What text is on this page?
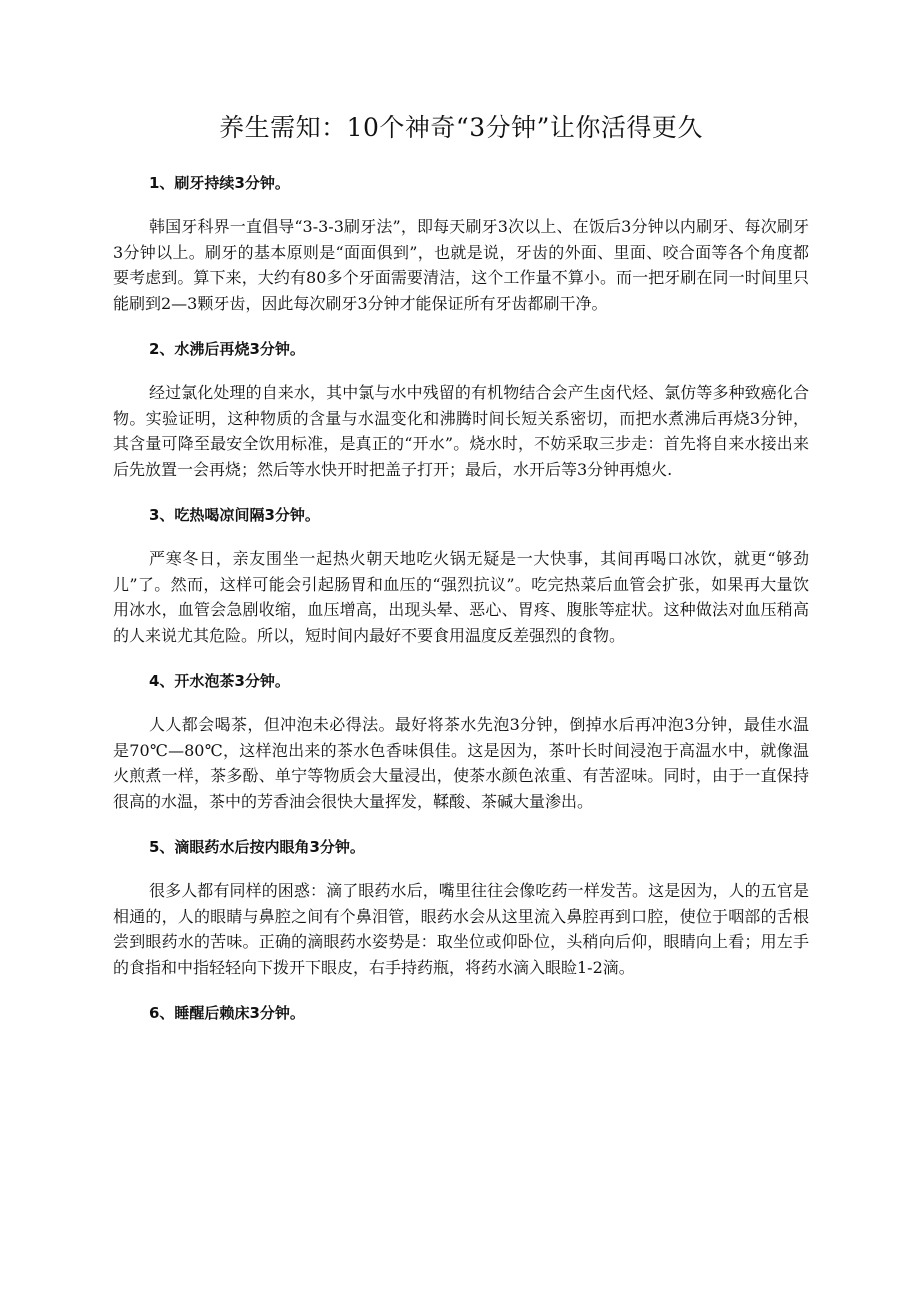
养生需知：10个神奇“3分钟”让你活得更久
1、刷牙持续3分钟。

韩国牙科界一直倡导“3-3-3刷牙法”，即每天刷牙3次以上、在饭后3分钟以内刷牙、每次刷牙3分钟以上。刷牙的基本原则是“面面俱到”，也就是说，牙齿的外面、里面、咬合面等各个角度都要考虑到。算下来，大约有80多个牙面需要清洁，这个工作量不算小。而一把牙刷在同一时间里只能刷到2—3颗牙齿，因此每次刷牙3分钟才能保证所有牙齿都刷干净。

2、水沸后再烧3分钟。

经过氯化处理的自来水，其中氯与水中残留的有机物结合会产生卤代烃、氯仿等多种致癌化合物。实验证明，这种物质的含量与水温变化和沸腾时间长短关系密切，而把水煮沸后再烧3分钟，其含量可降至最安全饮用标准，是真正的“开水”。烧水时，不妨采取三步走：首先将自来水接出来后先放置一会再烧；然后等水快开时把盖子打开；最后，水开后等3分钟再熄火.

3、吃热喝凉间隔3分钟。

严寒冬日，亲友围坐一起热火朝天地吃火锅无疑是一大快事，其间再喝口冰饮，就更“够劲儿”了。然而，这样可能会引起肠胃和血压的“强烈抗议”。吃完热菜后血管会扩张，如果再大量饮用冰水，血管会急剧收缩，血压增高，出现头晕、恶心、胃疼、腹胀等症状。这种做法对血压稍高的人来说尤其危险。所以，短时间内最好不要食用温度反差强烈的食物。

4、开水泡茶3分钟。

人人都会喝茶，但冲泡未必得法。最好将茶水先泡3分钟，倒掉水后再冲泡3分钟，最佳水温是70℃—80℃，这样泡出来的茶水色香味俱佳。这是因为，茶叶长时间浸泡于高温水中，就像温火煎煮一样，茶多酚、单宁等物质会大量浸出，使茶水颜色浓重、有苦涩味。同时，由于一直保持很高的水温，茶中的芳香油会很快大量挥发，鞣酸、茶碱大量渗出。

5、滴眼药水后按内眼角3分钟。

很多人都有同样的困惑：滴了眼药水后，嘴里往往会像吃药一样发苦。这是因为，人的五官是相通的，人的眼睛与鼻腔之间有个鼻泪管，眼药水会从这里流入鼻腔再到口腔，使位于咽部的舌根尝到眼药水的苦味。正确的滴眼药水姿势是：取坐位或仰卧位，头稍向后仰，眼睛向上看；用左手的食指和中指轻轻向下拨开下眼皮，右手持药瓶，将药水滴入眼睑1-2滴。

6、睡醒后赖床3分钟。
